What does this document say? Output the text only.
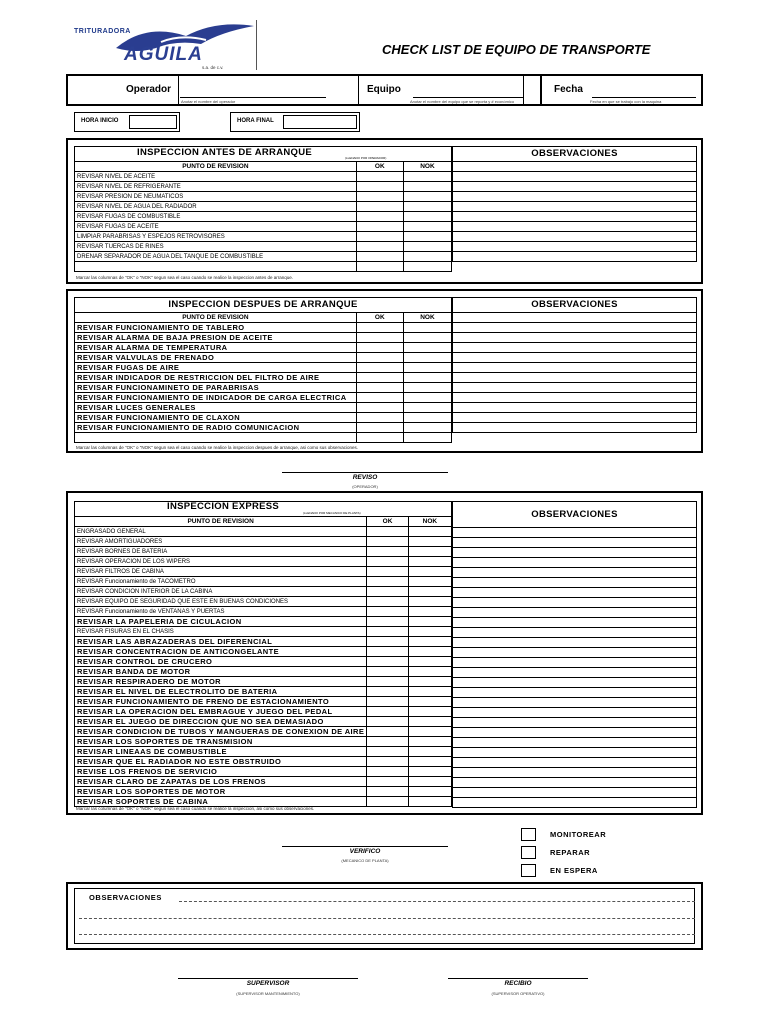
TRITURADORA
AGUILA
s.a. de c.v.
CHECK LIST DE EQUIPO DE TRANSPORTE
Operador
Anotar el nombre del operador
Equipo
Anotar el nombre del equipo que se reporta y # econòmico
Fecha
Fecha en que se trabajo con la maquina
HORA INICIO	HORA FINAL
INSPECCION ANTES DE ARRANQUE (LLENADO POR OPERADOR)		

PUNTO DE REVISION	OK	NOK
REVISAR NIVEL DE ACEITE		
REVISAR NIVEL DE REFRIGERANTE		
REVISAR PRESION DE NEUMATICOS		
REVISAR NIVEL DE AGUA DEL RADIADOR		
REVISAR FUGAS DE COMBUSTIBLE		
REVISAR FUGAS DE ACEITE		
LIMPIAR PARABRISAS Y ESPEJOS RETROVISORES		
REVISAR TUERCAS DE RINES		
DRENAR SEPARADOR DE AGUA DEL TANQUE DE COMBUSTIBLE		

OBSERVACIONES

Marcar las columnas de "OK" o "NOK" segun sea el caso cuando se realice la inspeccion antes de arranque.
INSPECCION DESPUES DE ARRANQUE		
PUNTO DE REVISION	OK	NOK
REVISAR FUNCIONAMIENTO DE TABLERO		
REVISAR ALARMA DE BAJA PRESION DE ACEITE		
REVISAR ALARMA DE TEMPERATURA		
REVISAR VALVULAS DE FRENADO		
REVISAR FUGAS DE AIRE		
REVISAR INDICADOR DE RESTRICCION DEL FILTRO DE AIRE		
REVISAR FUNCIONAMINETO DE PARABRISAS		
REVISAR FUNCIONAMIENTO DE INDICADOR DE CARGA ELECTRICA		
REVISAR LUCES GENERALES		
REVISAR FUNCIONAMIENTO DE CLAXON		
REVISAR FUNCIONAMIENTO DE RADIO COMUNICACION		

OBSERVACIONES

Marcar las columnas de "OK" o "NOK" segun sea el caso cuando se realice la inspeccion despues de arranque, asi como sus observaciones.
REVISO
(OPERADOR)
INSPECCION EXPRESS
(LLENADO POR MECANICO DE PLANTA)		

PUNTO DE REVISION	OK	NOK
ENGRASADO GENERAL		
REVISAR AMORTIGUADORES		
REVISAR BORNES DE BATERIA		
REVISAR OPERACION DE LOS WIPERS		
REVISAR FILTROS DE CABINA		
REVISAR Funcionamiento de TACOMETRO		
REVISAR CONDICION INTERIOR DE LA CABINA		
REVISAR EQUIPO DE SEGURIDAD QUE ESTE EN BUENAS CONDICIONES		
REVISAR Funcionamiento de VENTANAS Y PUERTAS		
REVISAR LA PAPELERIA DE CICULACION		
REVISAR FISURAS EN EL CHASIS		
REVISAR LAS ABRAZADERAS DEL DIFERENCIAL		
REVISAR CONCENTRACION DE ANTICONGELANTE		
REVISAR CONTROL DE CRUCERO		
REVISAR BANDA DE MOTOR		
REVISAR RESPIRADERO DE MOTOR		
REVISAR EL NIVEL DE ELECTROLITO DE BATERIA		
REVISAR FUNCIONAMIENTO DE FRENO DE ESTACIONAMIENTO		
REVISAR LA OPERACION DEL EMBRAGUE Y JUEGO DEL PEDAL		
REVISAR EL JUEGO DE DIRECCION QUE NO SEA DEMASIADO		
REVISAR CONDICION DE TUBOS Y MANGUERAS DE CONEXION DE AIRE		
REVISAR LOS SOPORTES DE TRANSMISION		
REVISAR LINEAAS DE COMBUSTIBLE		
REVISAR QUE EL RADIADOR NO ESTE OBSTRUIDO		
REVISE LOS FRENOS DE SERVICIO		
REVISAR CLARO DE ZAPATAS DE LOS FRENOS		
REVISAR LOS SOPORTES DE MOTOR		
REVISAR SOPORTES DE CABINA		
OBSERVACIONES

Marcar las columnas de "OK" o "NOK" segun sea el caso cuando se realice la inspeccion, asi como sus observaciones.
VERIFICO
(MECANICO DE PLANTA)
MONITOREAR
REPARAR
EN ESPERA
OBSERVACIONES
SUPERVISOR
(SUPERVISOR MANTENIMIENTO)
RECIBIO
(SUPERVISOR OPERATIVO)
